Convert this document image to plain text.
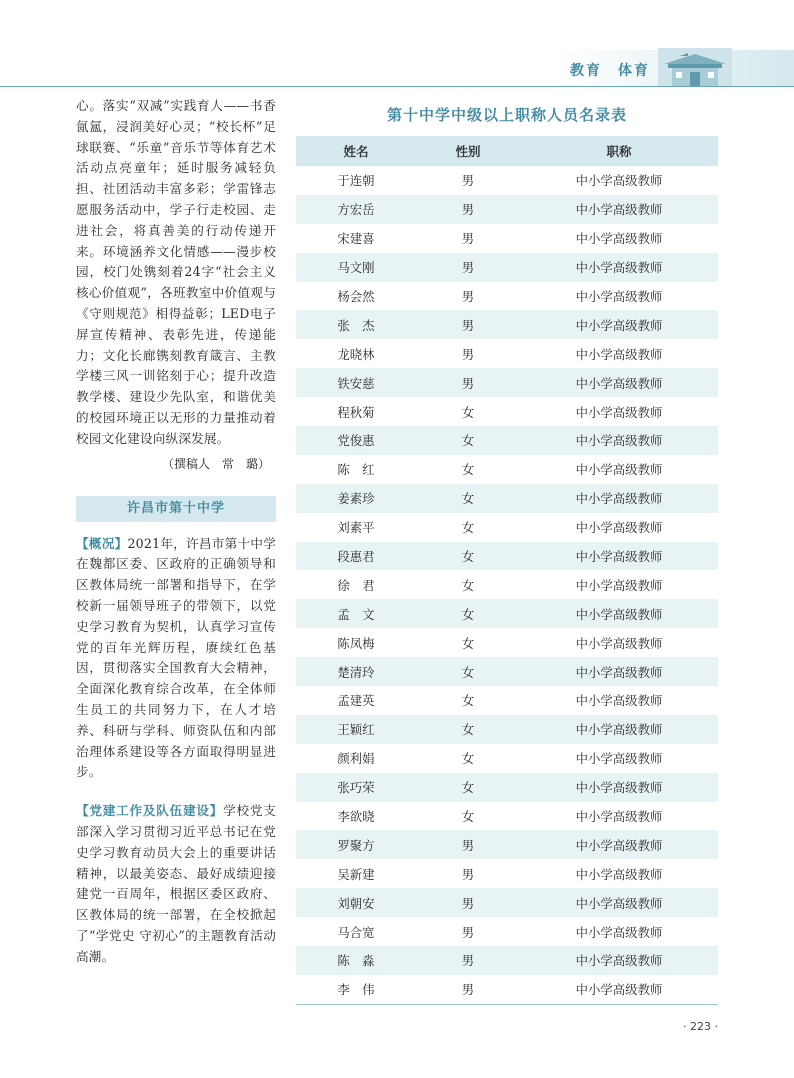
教育　体育

心。落实“双减”实践育人——书香氤氲，浸润美好心灵；“校长杯”足球联赛、“乐童”音乐节等体育艺术活动点亮童年；延时服务减轻负担、社团活动丰富多彩；学雷锋志愿服务活动中，学子行走校园、走进社会，将真善美的行动传递开来。环境涵养文化情感——漫步校园，校门处镌刻着24字“社会主义核心价值观”，各班教室中价值观与《守则规范》相得益彰；LED电子屏宣传精神、表彰先进，传递能力；文化长廊镌刻教育箴言、主教学楼三风一训铭刻于心；提升改造教学楼、建设少先队室，和谐优美的校园环境正以无形的力量推动着校园文化建设向纵深发展。

（撰稿人　常　璐）
许昌市第十中学

【概况】2021年，许昌市第十中学在魏都区委、区政府的正确领导和区教体局统一部署和指导下，在学校新一届领导班子的带领下，以党史学习教育为契机，认真学习宣传党的百年光辉历程，赓续红色基因，贯彻落实全国教育大会精神，全面深化教育综合改革，在全体师生员工的共同努力下，在人才培养、科研与学科、师资队伍和内部治理体系建设等各方面取得明显进步。

【党建工作及队伍建设】学校党支部深入学习贯彻习近平总书记在党史学习教育动员大会上的重要讲话精神，以最美姿态、最好成绩迎接建党一百周年，根据区委区政府、区教体局的统一部署，在全校掀起了“学党史 守初心”的主题教育活动高潮。

第十中学中级以上职称人员名录表
姓名	性别	职称
于连朝	男	中小学高级教师
方宏岳	男	中小学高级教师
宋建喜	男	中小学高级教师
马文刚	男	中小学高级教师
杨会然	男	中小学高级教师
张　杰	男	中小学高级教师
龙晓林	男	中小学高级教师
铁安慈	男	中小学高级教师
程秋菊	女	中小学高级教师
党俊惠	女	中小学高级教师
陈　红	女	中小学高级教师
姜素珍	女	中小学高级教师
刘素平	女	中小学高级教师
段惠君	女	中小学高级教师
徐　君	女	中小学高级教师
孟　文	女	中小学高级教师
陈凤梅	女	中小学高级教师
楚清玲	女	中小学高级教师
孟建英	女	中小学高级教师
王颖红	女	中小学高级教师
颜利娟	女	中小学高级教师
张巧荣	女	中小学高级教师
李欲晓	女	中小学高级教师
罗聚方	男	中小学高级教师
吴新建	男	中小学高级教师
刘朝安	男	中小学高级教师
马合宽	男	中小学高级教师
陈　淼	男	中小学高级教师
李　伟	男	中小学高级教师
· 223 ·
